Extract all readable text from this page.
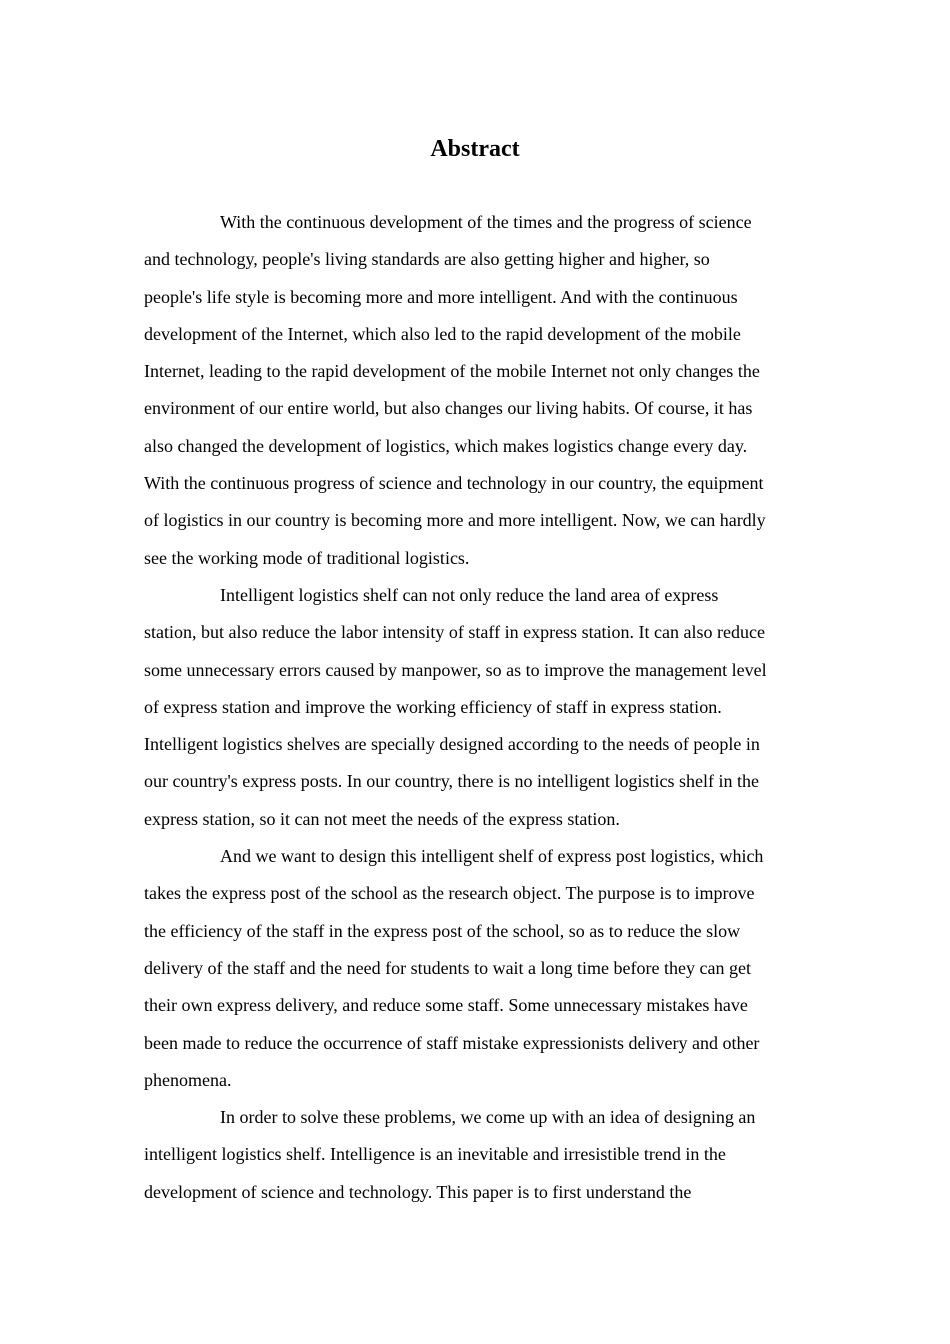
Abstract

With the continuous development of the times and the progress of science
and technology, people's living standards are also getting higher and higher, so
people's life style is becoming more and more intelligent. And with the continuous
development of the Internet, which also led to the rapid development of the mobile
Internet, leading to the rapid development of the mobile Internet not only changes the
environment of our entire world, but also changes our living habits. Of course, it has
also changed the development of logistics, which makes logistics change every day.
With the continuous progress of science and technology in our country, the equipment
of logistics in our country is becoming more and more intelligent. Now, we can hardly
see the working mode of traditional logistics.

Intelligent logistics shelf can not only reduce the land area of express
station, but also reduce the labor intensity of staff in express station. It can also reduce
some unnecessary errors caused by manpower, so as to improve the management level
of express station and improve the working efficiency of staff in express station.
Intelligent logistics shelves are specially designed according to the needs of people in
our country's express posts. In our country, there is no intelligent logistics shelf in the
express station, so it can not meet the needs of the express station.

And we want to design this intelligent shelf of express post logistics, which
takes the express post of the school as the research object. The purpose is to improve
the efficiency of the staff in the express post of the school, so as to reduce the slow
delivery of the staff and the need for students to wait a long time before they can get
their own express delivery, and reduce some staff. Some unnecessary mistakes have
been made to reduce the occurrence of staff mistake expressionists delivery and other
phenomena.

In order to solve these problems, we come up with an idea of designing an
intelligent logistics shelf. Intelligence is an inevitable and irresistible trend in the
development of science and technology. This paper is to first understand the
